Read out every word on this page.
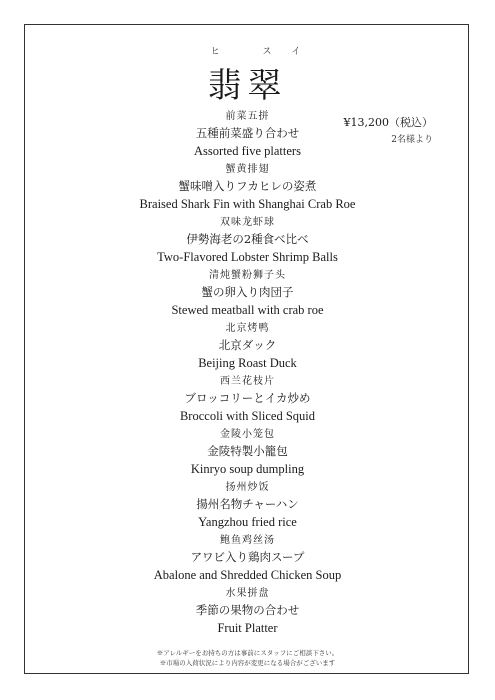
ヒ スイ
翡翠
¥13,200（税込）
2名様より
前菜五拼
五種前菜盛り合わせ
Assorted five platters
蟹黄排翅
蟹味噌入りフカヒレの姿煮
Braised Shark Fin with Shanghai Crab Roe
双味龙虾球
伊勢海老の2種食べ比べ
Two-Flavored Lobster Shrimp Balls
清炖蟹粉狮子头
蟹の卵入り肉団子
Stewed meatball with crab roe
北京烤鸭
北京ダック
Beijing Roast Duck
西兰花枝片
ブロッコリーとイカ炒め
Broccoli with Sliced Squid
金陵小笼包
金陵特製小籠包
Kinryo soup dumpling
扬州炒饭
揚州名物チャーハン
Yangzhou fried rice
鲍鱼鸡丝汤
アワビ入り鶏肉スープ
Abalone and Shredded Chicken Soup
水果拼盘
季節の果物の合わせ
Fruit Platter
※アレルギーをお持ちの方は事前にスタッフにご相談下さい。
※市場の入荷状況により内容が変更になる場合がございます
